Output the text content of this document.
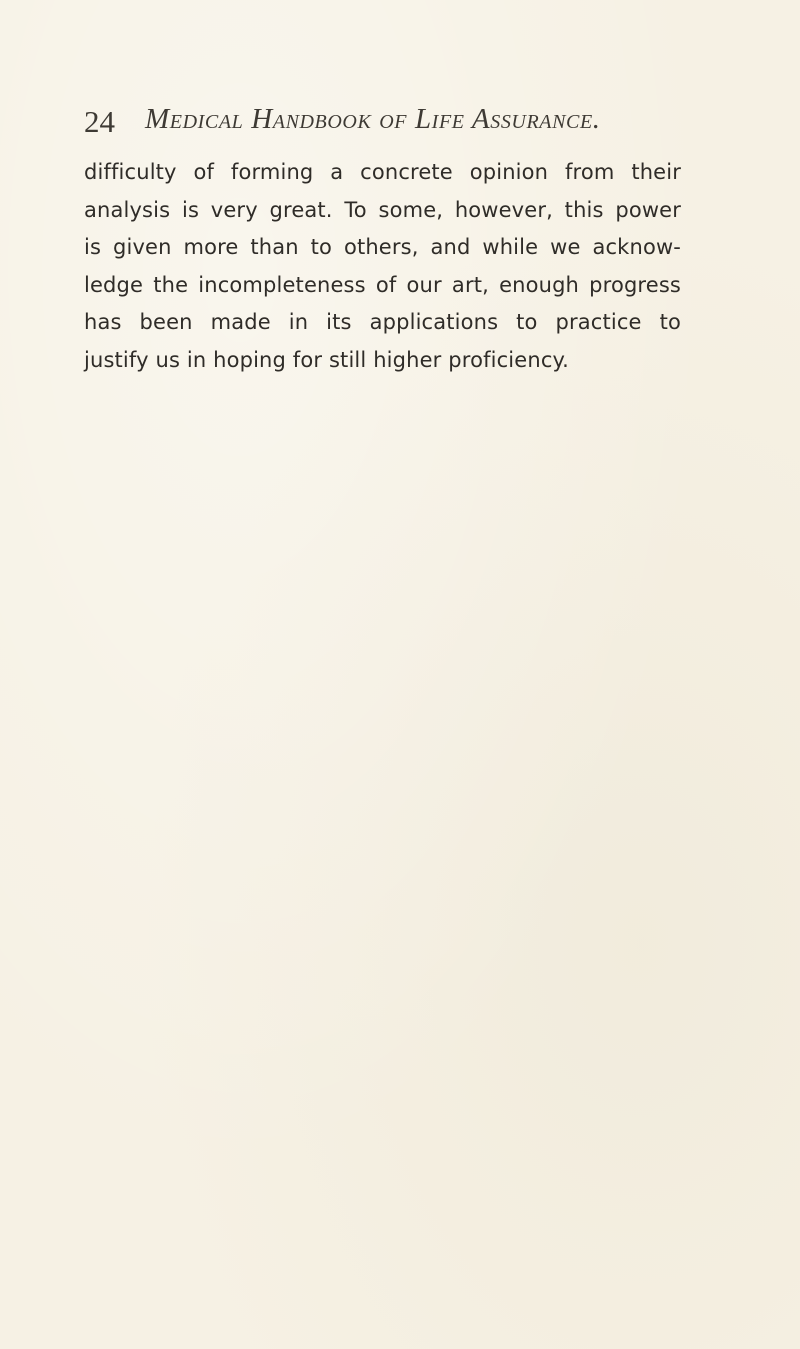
24 Medical Handbook of Life Assurance.

difficulty of forming a concrete opinion from their
analysis is very great. To some, however, this power
is given more than to others, and while we acknow-
ledge the incompleteness of our art, enough progress
has been made in its applications to practice to
justify us in hoping for still higher proficiency.
